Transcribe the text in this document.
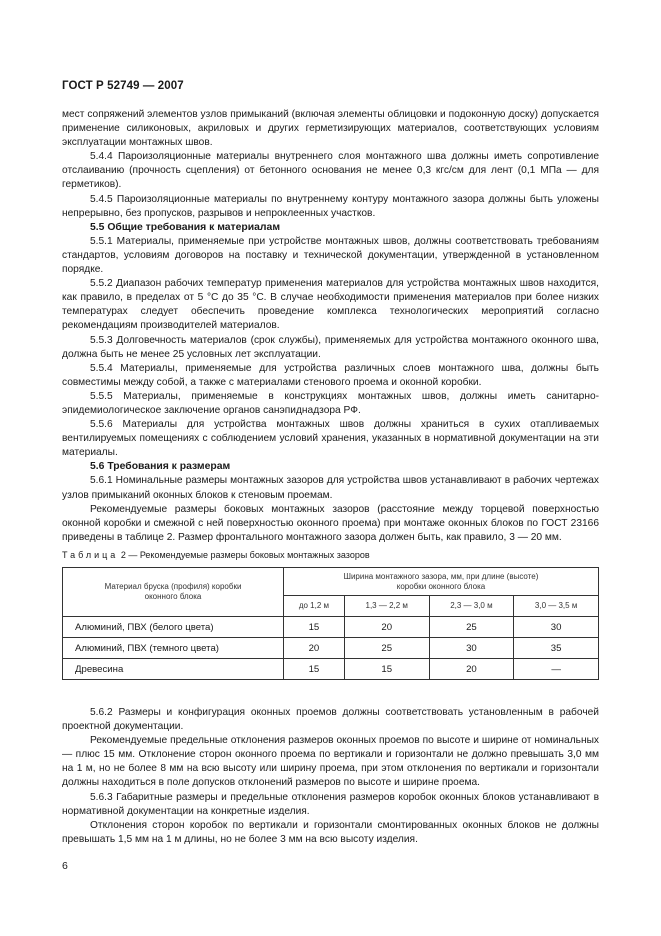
ГОСТ Р 52749 — 2007

мест сопряжений элементов узлов примыканий (включая элементы облицовки и подоконную доску) допускается применение силиконовых, акриловых и других герметизирующих материалов, соответствующих условиям эксплуатации монтажных швов.

5.4.4 Пароизоляционные материалы внутреннего слоя монтажного шва должны иметь сопротивление отслаиванию (прочность сцепления) от бетонного основания не менее 0,3 кгс/см для лент (0,1 МПа — для герметиков).

5.4.5 Пароизоляционные материалы по внутреннему контуру монтажного зазора должны быть уложены непрерывно, без пропусков, разрывов и непроклеенных участков.

5.5 Общие требования к материалам

5.5.1 Материалы, применяемые при устройстве монтажных швов, должны соответствовать требованиям стандартов, условиям договоров на поставку и технической документации, утвержденной в установленном порядке.

5.5.2 Диапазон рабочих температур применения материалов для устройства монтажных швов находится, как правило, в пределах от 5 °С до 35 °С. В случае необходимости применения материалов при более низких температурах следует обеспечить проведение комплекса технологических мероприятий согласно рекомендациям производителей материалов.

5.5.3 Долговечность материалов (срок службы), применяемых для устройства монтажного оконного шва, должна быть не менее 25 условных лет эксплуатации.

5.5.4 Материалы, применяемые для устройства различных слоев монтажного шва, должны быть совместимы между собой, а также с материалами стенового проема и оконной коробки.

5.5.5 Материалы, применяемые в конструкциях монтажных швов, должны иметь санитарно-эпидемиологическое заключение органов санэпиднадзора РФ.

5.5.6 Материалы для устройства монтажных швов должны храниться в сухих отапливаемых вентилируемых помещениях с соблюдением условий хранения, указанных в нормативной документации на эти материалы.

5.6 Требования к размерам

5.6.1 Номинальные размеры монтажных зазоров для устройства швов устанавливают в рабочих чертежах узлов примыканий оконных блоков к стеновым проемам.

Рекомендуемые размеры боковых монтажных зазоров (расстояние между торцевой поверхностью оконной коробки и смежной с ней поверхностью оконного проема) при монтаже оконных блоков по ГОСТ 23166 приведены в таблице 2. Размер фронтального монтажного зазора должен быть, как правило, 3 — 20 мм.

Таблица 2 — Рекомендуемые размеры боковых монтажных зазоров
Материал бруска (профиля) коробки оконного блока	Ширина монтажного зазора, мм, при длине (высоте) коробки оконного блока			

	до 1,2 м	1,3 — 2,2 м	2,3 — 3,0 м	3,0 — 3,5 м
Алюминий, ПВХ (белого цвета)	15	20	25	30
Алюминий, ПВХ (темного цвета)	20	25	30	35
Древесина	15	15	20	—

5.6.2 Размеры и конфигурация оконных проемов должны соответствовать установленным в рабочей проектной документации.

Рекомендуемые предельные отклонения размеров оконных проемов по высоте и ширине от номинальных — плюс 15 мм. Отклонение сторон оконного проема по вертикали и горизонтали не должно превышать 3,0 мм на 1 м, но не более 8 мм на всю высоту или ширину проема, при этом отклонения по вертикали и горизонтали должны находиться в поле допусков отклонений размеров по высоте и ширине проема.

5.6.3 Габаритные размеры и предельные отклонения размеров коробок оконных блоков устанавливают в нормативной документации на конкретные изделия.

Отклонения сторон коробок по вертикали и горизонтали смонтированных оконных блоков не должны превышать 1,5 мм на 1 м длины, но не более 3 мм на всю высоту изделия.

6
